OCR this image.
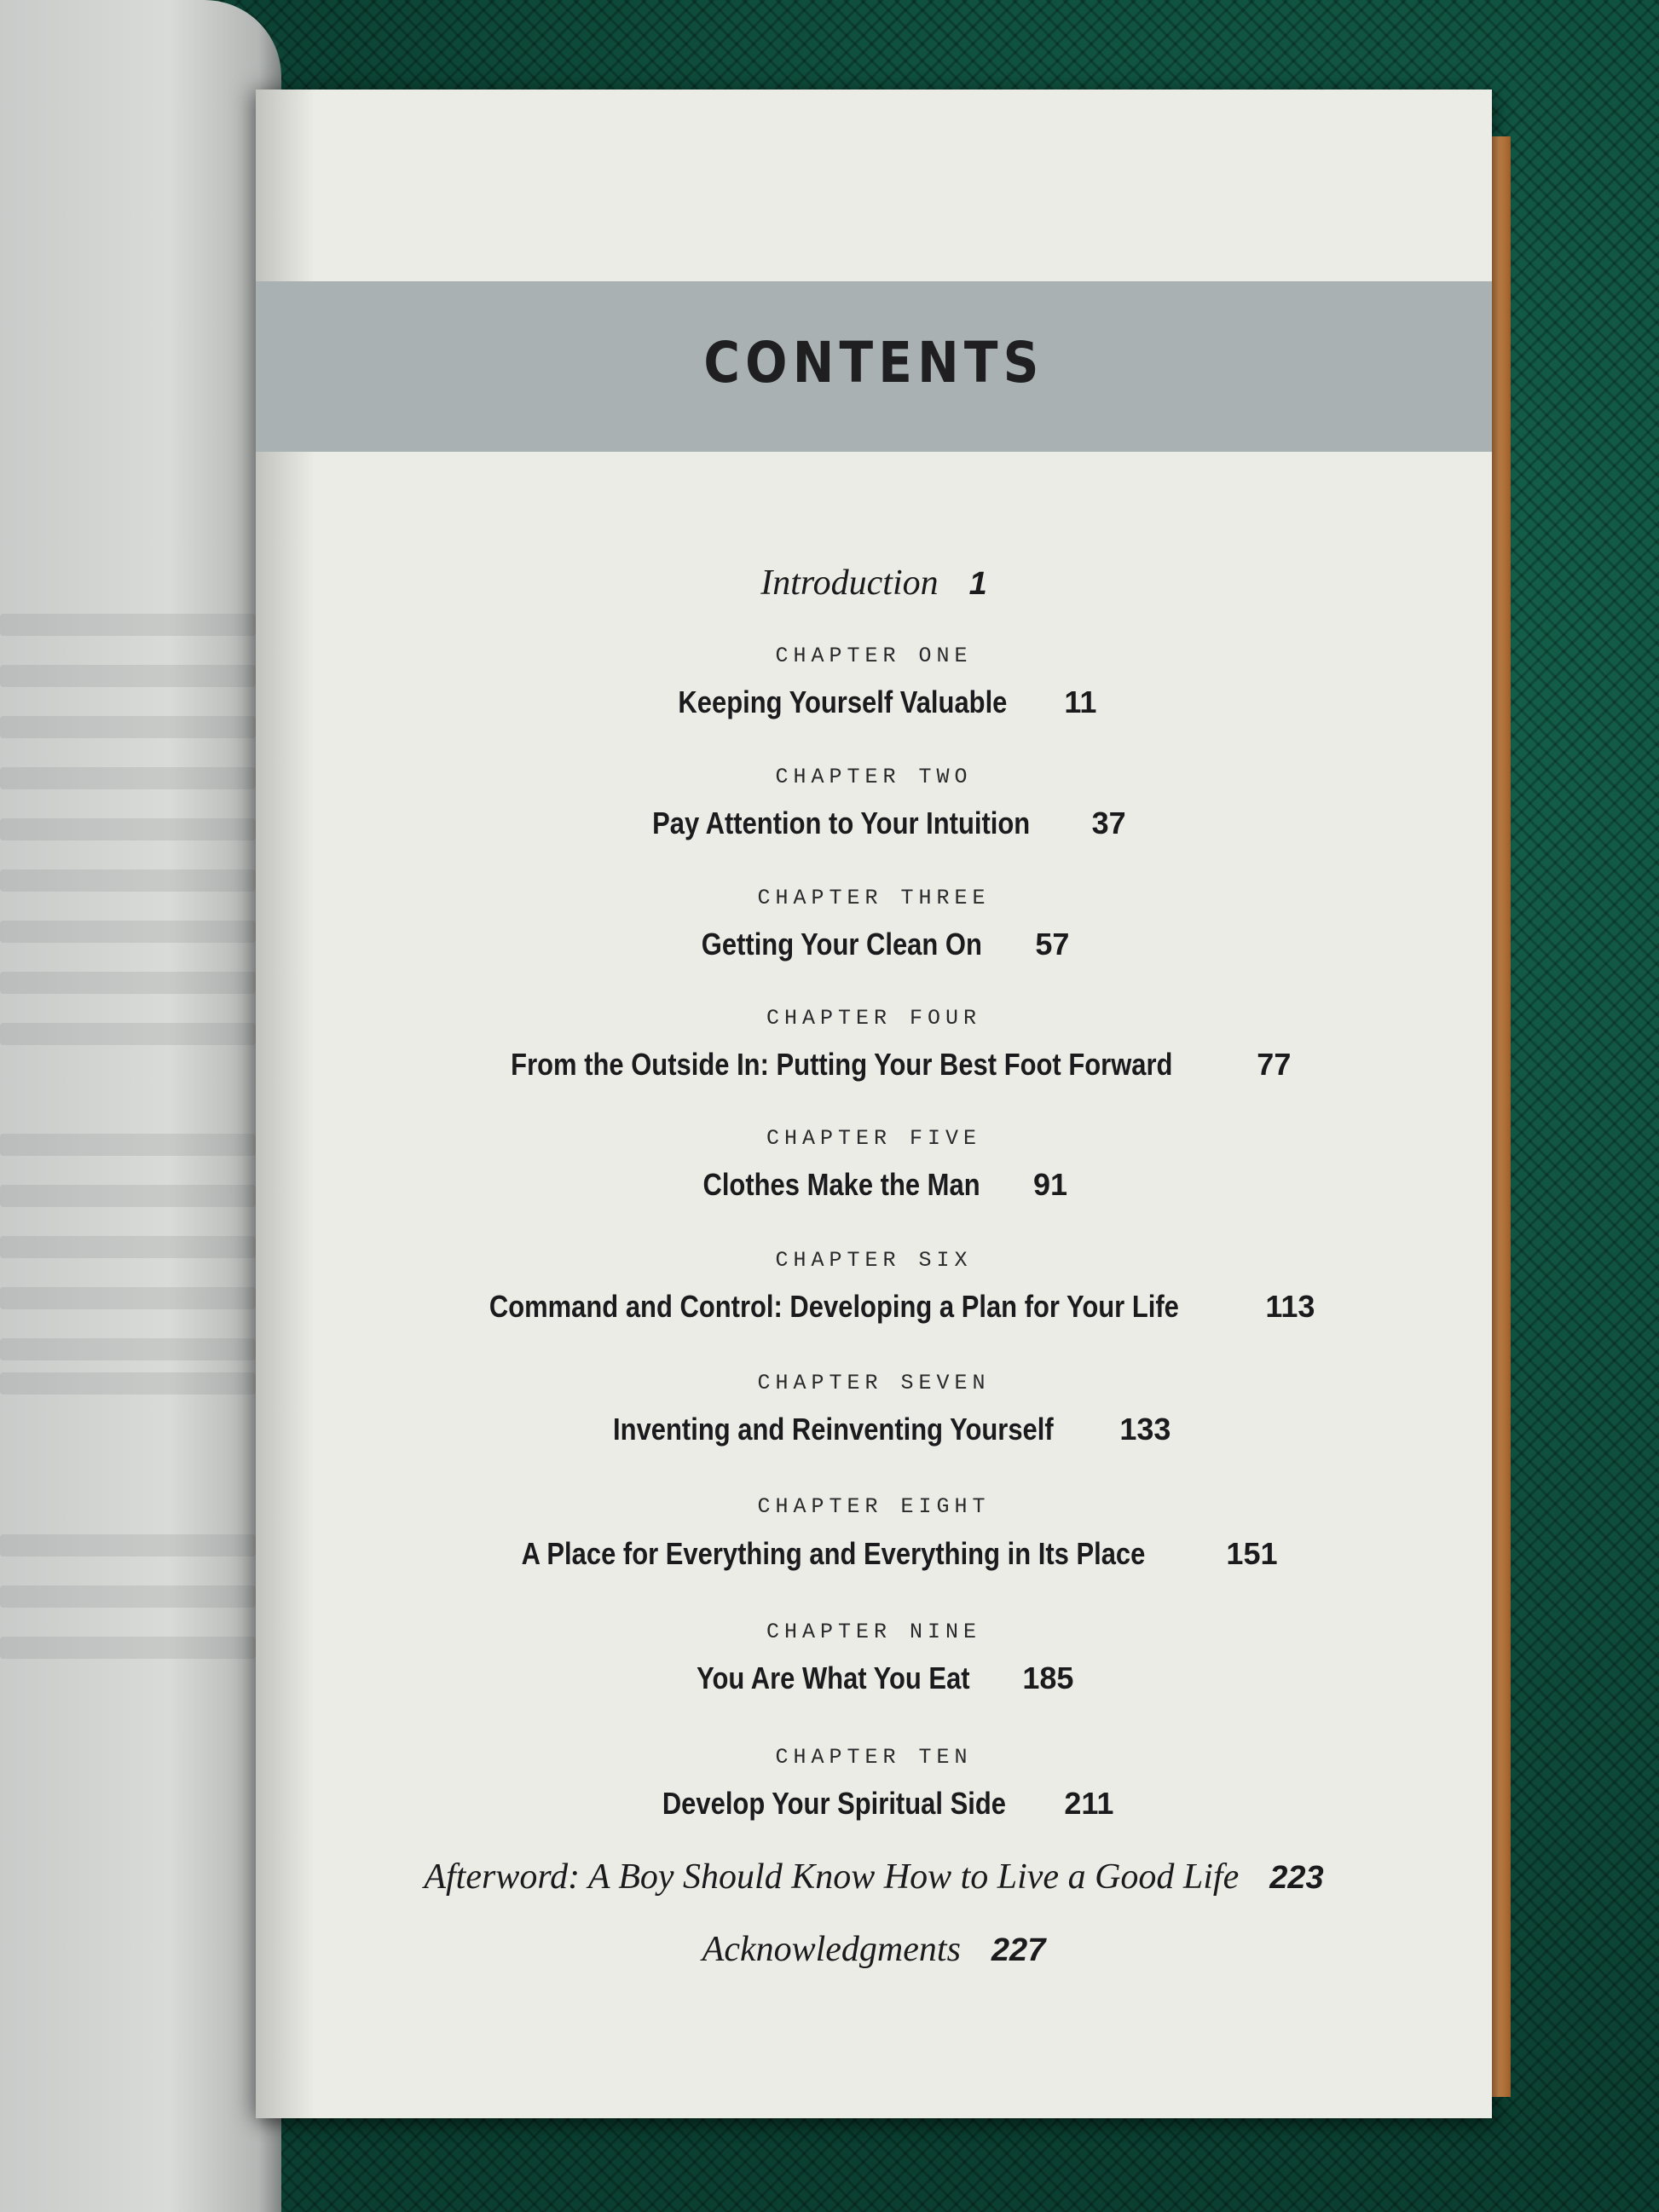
CONTENTS
Introduction 1
CHAPTER ONE
Keeping Yourself Valuable 11
CHAPTER TWO
Pay Attention to Your Intuition 37
CHAPTER THREE
Getting Your Clean On 57
CHAPTER FOUR
From the Outside In: Putting Your Best Foot Forward	77
CHAPTER FIVE
Clothes Make the Man 91
CHAPTER SIX
Command and Control: Developing a Plan for Your Life	113
CHAPTER SEVEN
Inventing and Reinventing Yourself 133
CHAPTER EIGHT
A Place for Everything and Everything in Its Place	151
CHAPTER NINE
You Are What You Eat 185
CHAPTER TEN
Develop Your Spiritual Side 211
Afterword: A Boy Should Know How to Live a Good Life 223
Acknowledgments 227
